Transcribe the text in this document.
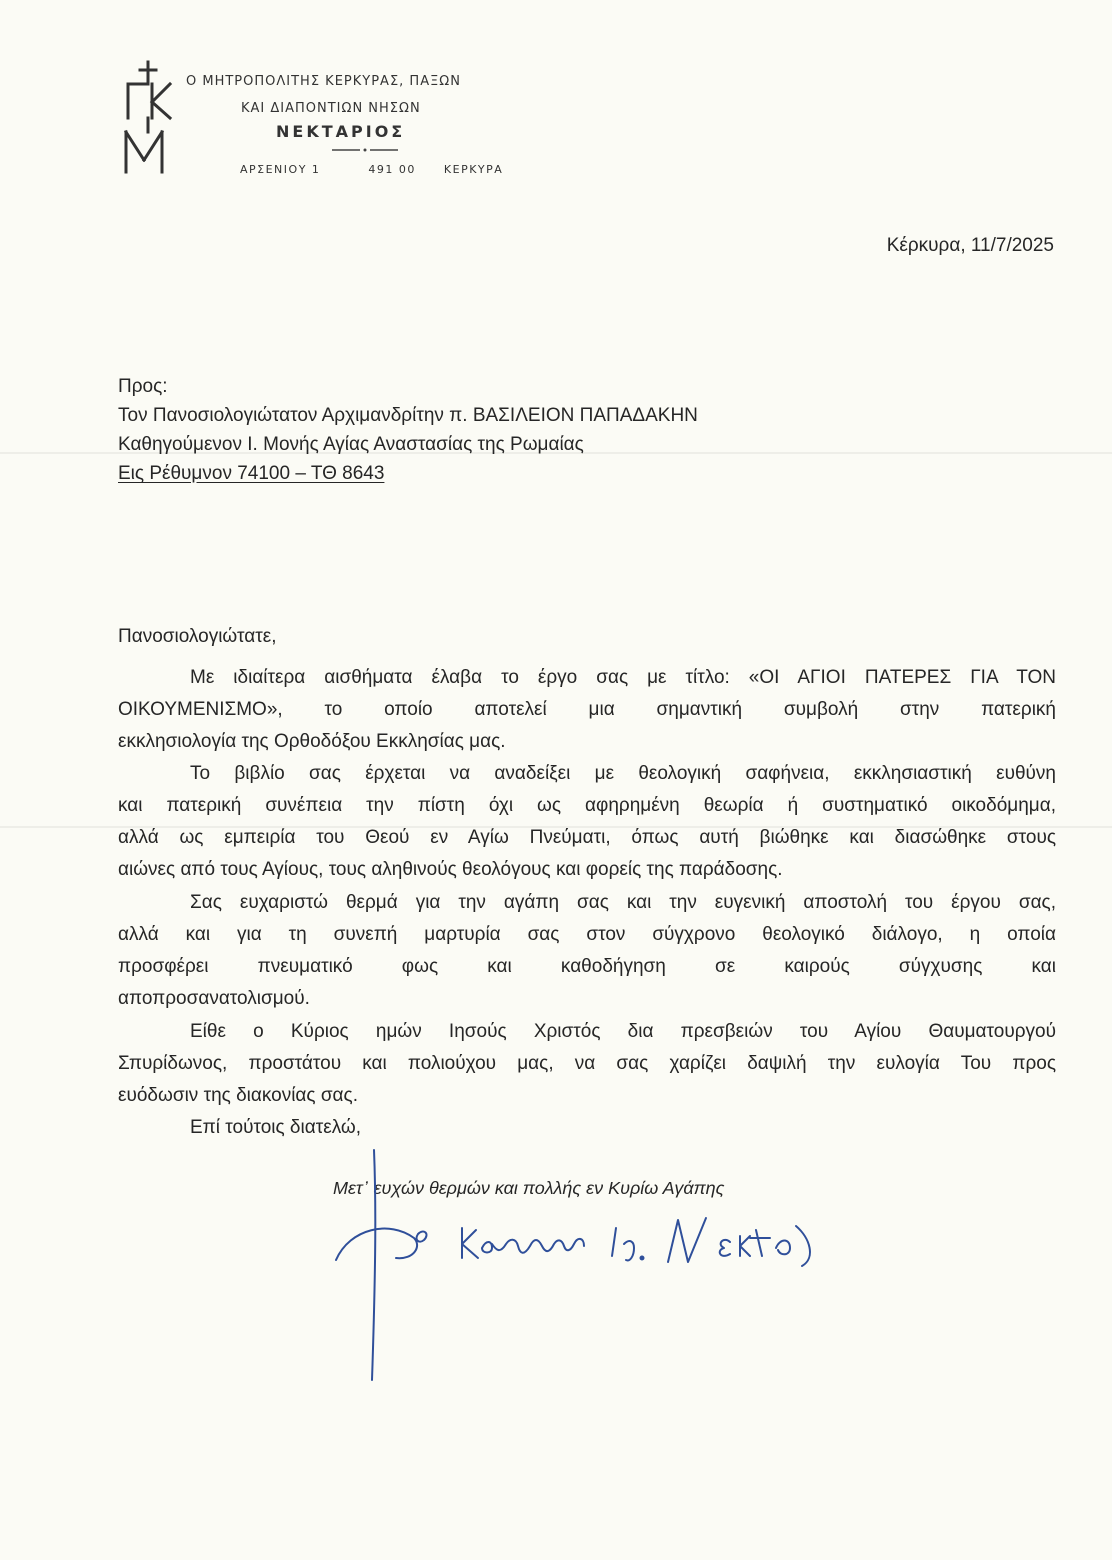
Ο ΜΗΤΡΟΠΟΛΙΤΗΣ ΚΕΡΚΥΡΑΣ, ΠΑΞΩΝ
ΚΑΙ ΔΙΑΠΟΝΤΙΩΝ ΝΗΣΩΝ
ΝΕΚΤΑΡΙΟΣ
ΑΡΣΕΝΙΟΥ 1	491 00	ΚΕΡΚΥΡΑ
Κέρκυρα, 11/7/2025
Προς:
Τον Πανοσιολογιώτατον Αρχιμανδρίτην π. ΒΑΣΙΛΕΙΟΝ ΠΑΠΑΔΑΚΗΝ
Καθηγούμενον Ι. Μονής Αγίας Αναστασίας της Ρωμαίας
Εις Ρέθυμνον 74100 – ΤΘ 8643
Πανοσιολογιώτατε,
Με ιδιαίτερα αισθήματα έλαβα το έργο σας με τίτλο: «ΟΙ ΑΓΙΟΙ ΠΑΤΕΡΕΣ ΓΙΑ ΤΟΝ
ΟΙΚΟΥΜΕΝΙΣΜΟ», το οποίο αποτελεί μια σημαντική συμβολή στην πατερική
εκκλησιολογία της Ορθοδόξου Εκκλησίας μας.
Το βιβλίο σας έρχεται να αναδείξει με θεολογική σαφήνεια, εκκλησιαστική ευθύνη
και πατερική συνέπεια την πίστη όχι ως αφηρημένη θεωρία ή συστηματικό οικοδόμημα,
αλλά ως εμπειρία του Θεού εν Αγίω Πνεύματι, όπως αυτή βιώθηκε και διασώθηκε στους
αιώνες από τους Αγίους, τους αληθινούς θεολόγους και φορείς της παράδοσης.
Σας ευχαριστώ θερμά για την αγάπη σας και την ευγενική αποστολή του έργου σας,
αλλά και για τη συνεπή μαρτυρία σας στον σύγχρονο θεολογικό διάλογο, η οποία
προσφέρει πνευματικό φως και καθοδήγηση σε καιρούς σύγχυσης και
αποπροσανατολισμού.
Είθε ο Κύριος ημών Ιησούς Χριστός δια πρεσβειών του Αγίου Θαυματουργού
Σπυρίδωνος, προστάτου και πολιούχου μας, να σας χαρίζει δαψιλή την ευλογία Του προς
ευόδωσιν της διακονίας σας.
Επί τούτοις διατελώ,
Μετ᾽ ευχών θερμών και πολλής εν Κυρίω Αγάπης
